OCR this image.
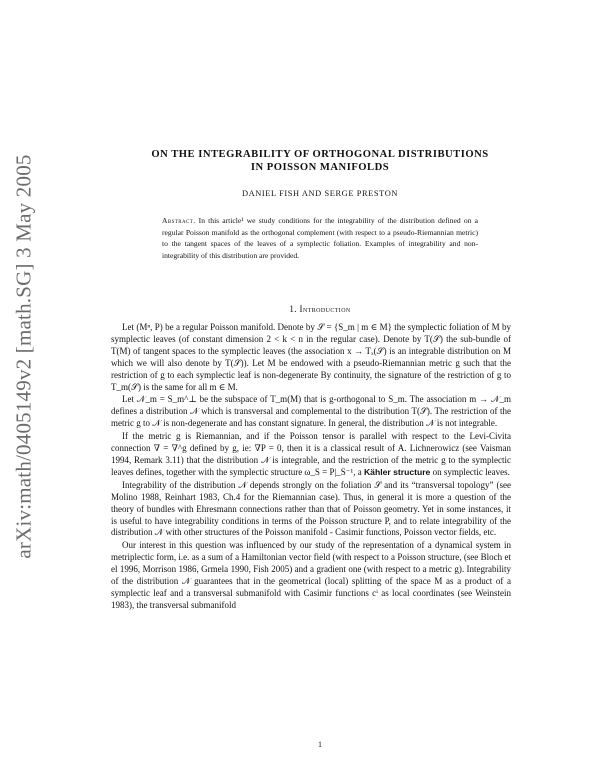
arXiv:math/0405149v2 [math.SG] 3 May 2005	ON THE INTEGRABILITY OF ORTHOGONAL DISTRIBUTIONS
IN POISSON MANIFOLDS
DANIEL FISH AND SERGE PRESTON
Abstract. In this article¹ we study conditions for the integrability of the distribution defined on a regular Poisson manifold as the orthogonal complement (with respect to a pseudo-Riemannian metric) to the tangent spaces of the leaves of a symplectic foliation. Examples of integrability and non-integrability of this distribution are provided.
1. Introduction

Let (Mⁿ, P) be a regular Poisson manifold. Denote by 𝒮 = {S_m | m ∈ M} the symplectic foliation of M by symplectic leaves (of constant dimension 2 < k < n in the regular case). Denote by T(𝒮) the sub-bundle of T(M) of tangent spaces to the symplectic leaves (the association x → Tₓ(𝒮) is an integrable distribution on M which we will also denote by T(𝒮)). Let M be endowed with a pseudo-Riemannian metric g such that the restriction of g to each symplectic leaf is non-degenerate By continuity, the signature of the restriction of g to T_m(𝒮) is the same for all m ∈ M.

Let 𝒩_m = S_m^⊥ be the subspace of T_m(M) that is g-orthogonal to S_m. The association m → 𝒩_m defines a distribution 𝒩 which is transversal and complemental to the distribution T(𝒮). The restriction of the metric g to 𝒩 is non-degenerate and has constant signature. In general, the distribution 𝒩 is not integrable.

If the metric g is Riemannian, and if the Poisson tensor is parallel with respect to the Levi-Civita connection ∇ = ∇^g defined by g, ie: ∇P = 0, then it is a classical result of A. Lichnerowicz (see Vaisman 1994, Remark 3.11) that the distribution 𝒩 is integrable, and the restriction of the metric g to the symplectic leaves defines, together with the symplectic structure ω_S = P|_S⁻¹, a Kähler structure on symplectic leaves.

Integrability of the distribution 𝒩 depends strongly on the foliation 𝒮 and its “transversal topology” (see Molino 1988, Reinhart 1983, Ch.4 for the Riemannian case). Thus, in general it is more a question of the theory of bundles with Ehresmann connections rather than that of Poisson geometry. Yet in some instances, it is useful to have integrability conditions in terms of the Poisson structure P, and to relate integrability of the distribution 𝒩 with other structures of the Poisson manifold - Casimir functions, Poisson vector fields, etc.

Our interest in this question was influenced by our study of the representation of a dynamical system in metriplectic form, i.e. as a sum of a Hamiltonian vector field (with respect to a Poisson structure, (see Bloch et el 1996, Morrison 1986, Grmela 1990, Fish 2005) and a gradient one (with respect to a metric g). Integrability of the distribution 𝒩 guarantees that in the geometrical (local) splitting of the space M as a product of a symplectic leaf and a transversal submanifold with Casimir functions cⁱ as local coordinates (see Weinstein 1983), the transversal submanifold

1
